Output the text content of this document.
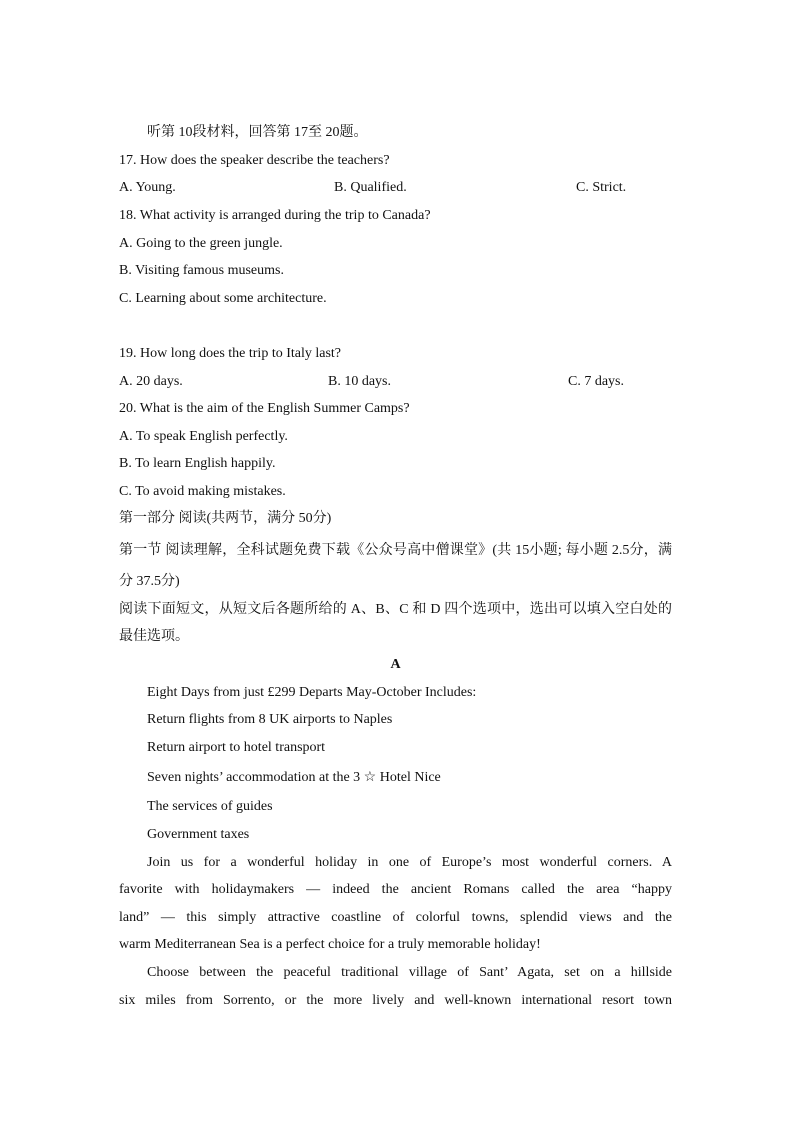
听第 10段材料，回答第 17至 20题。
17. How does the speaker describe the teachers?
A. Young.	B. Qualified.	C. Strict.
18. What activity is arranged during the trip to Canada?
A. Going to the green jungle.
B. Visiting famous museums.
C. Learning about some architecture.
19. How long does the trip to Italy last?
A. 20 days.	B. 10 days.	C. 7 days.
20. What is the aim of the English Summer Camps?
A. To speak English perfectly.
B. To learn English happily.
C. To avoid making mistakes.
第一部分 阅读(共两节，满分 50分)
第一节 阅读理解，全科试题免费下载《公众号高中僧课堂》(共 15小题; 每小题 2.5分，满
分 37.5分)
阅读下面短文，从短文后各题所给的 A、B、C 和 D 四个选项中，选出可以填入空白处的
最佳选项。
A
Eight Days from just £299 Departs May-October Includes:
Return flights from 8 UK airports to Naples
Return airport to hotel transport
Seven nights’ accommodation at the 3 ☆ Hotel Nice
The services of guides
Government taxes
Join us for a wonderful holiday in one of Europe’s most wonderful corners. A
favorite with holidaymakers — indeed the ancient Romans called the area “happy
land” — this simply attractive coastline of colorful towns, splendid views and the
warm Mediterranean Sea is a perfect choice for a truly memorable holiday!
Choose between the peaceful traditional village of Sant’ Agata, set on a hillside
six miles from Sorrento, or the more lively and well-known international resort town
